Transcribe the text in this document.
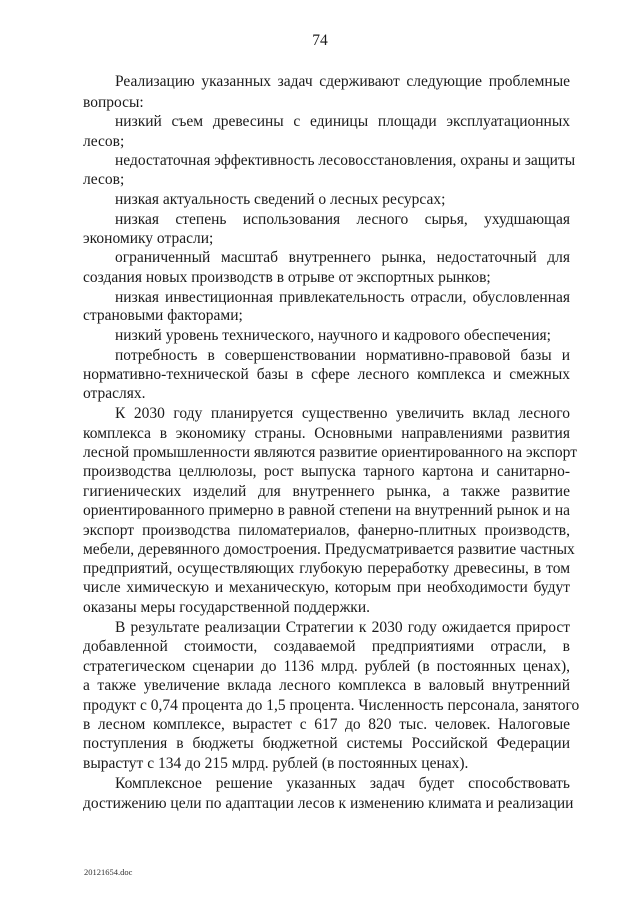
74

Реализацию указанных задач сдерживают следующие проблемные

вопросы:

низкий съем древесины с единицы площади эксплуатационных

лесов;

недостаточная эффективность лесовосстановления, охраны и защиты

лесов;

низкая актуальность сведений о лесных ресурсах;

низкая степень использования лесного сырья, ухудшающая

экономику отрасли;

ограниченный масштаб внутреннего рынка, недостаточный для

создания новых производств в отрыве от экспортных рынков;

низкая инвестиционная привлекательность отрасли, обусловленная

страновыми факторами;

низкий уровень технического, научного и кадрового обеспечения;

потребность в совершенствовании нормативно-правовой базы и

нормативно-технической базы в сфере лесного комплекса и смежных

отраслях.

К 2030 году планируется существенно увеличить вклад лесного

комплекса в экономику страны. Основными направлениями развития

лесной промышленности являются развитие ориентированного на экспорт

производства целлюлозы, рост выпуска тарного картона и санитарно-

гигиенических изделий для внутреннего рынка, а также развитие

ориентированного примерно в равной степени на внутренний рынок и на

экспорт производства пиломатериалов, фанерно-плитных производств,

мебели, деревянного домостроения. Предусматривается развитие частных

предприятий, осуществляющих глубокую переработку древесины, в том

числе химическую и механическую, которым при необходимости будут

оказаны меры государственной поддержки.

В результате реализации Стратегии к 2030 году ожидается прирост

добавленной стоимости, создаваемой предприятиями отрасли, в

стратегическом сценарии до 1136 млрд. рублей (в постоянных ценах),

а также увеличение вклада лесного комплекса в валовый внутренний

продукт с 0,74 процента до 1,5 процента. Численность персонала, занятого

в лесном комплексе, вырастет с 617 до 820 тыс. человек. Налоговые

поступления в бюджеты бюджетной системы Российской Федерации

вырастут с 134 до 215 млрд. рублей (в постоянных ценах).

Комплексное решение указанных задач будет способствовать

достижению цели по адаптации лесов к изменению климата и реализации

20121654.doc
